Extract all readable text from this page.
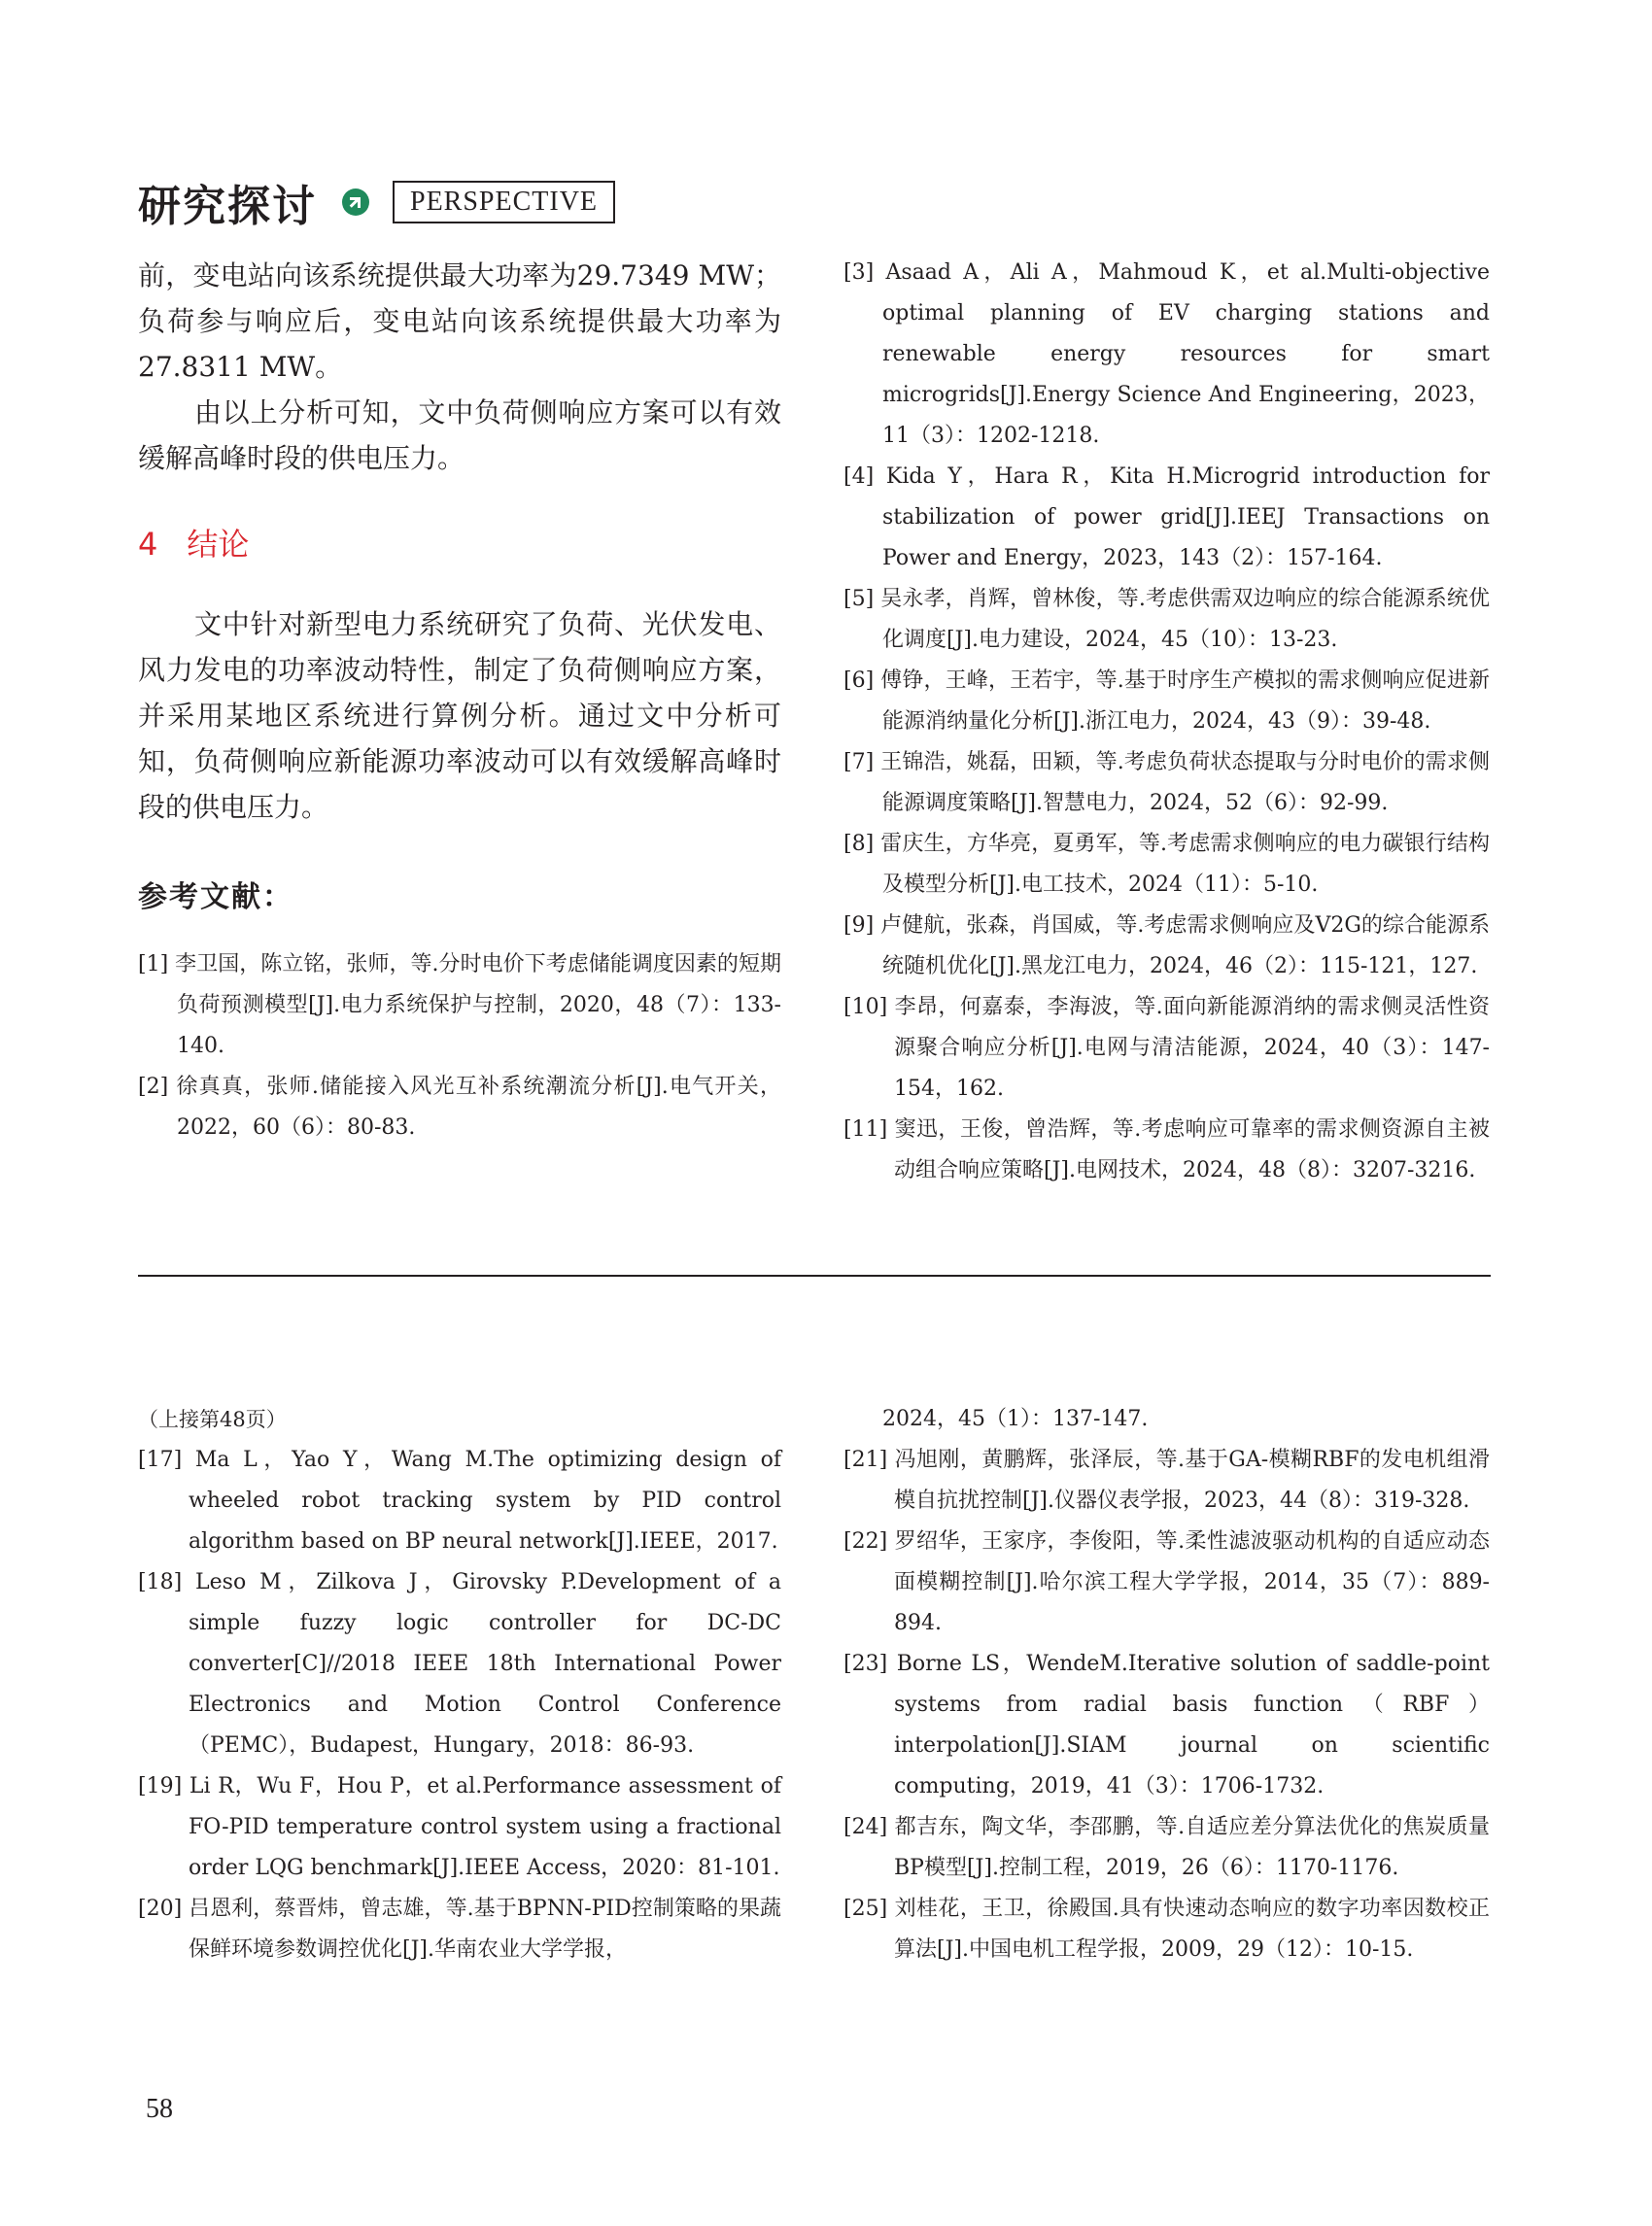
研究探讨	PERSPECTIVE

前，变电站向该系统提供最大功率为29.7349 MW；负荷参与响应后，变电站向该系统提供最大功率为27.8311 MW。

由以上分析可知，文中负荷侧响应方案可以有效缓解高峰时段的供电压力。

4 结论

文中针对新型电力系统研究了负荷、光伏发电、风力发电的功率波动特性，制定了负荷侧响应方案，并采用某地区系统进行算例分析。通过文中分析可知，负荷侧响应新能源功率波动可以有效缓解高峰时段的供电压力。

参考文献：

[1] 李卫国，陈立铭，张师，等.分时电价下考虑储能调度因素的短期负荷预测模型[J].电力系统保护与控制，2020，48（7）：133-140.

[2] 徐真真，张师.储能接入风光互补系统潮流分析[J].电气开关，2022，60（6）：80-83.

[3] Asaad A，Ali A，Mahmoud K，et al.Multi-objective optimal planning of EV charging stations and renewable energy resources for smart microgrids[J].Energy Science And Engineering，2023，11（3）：1202-1218.

[4] Kida Y，Hara R，Kita H.Microgrid introduction for stabilization of power grid[J].IEEJ Transactions on Power and Energy，2023，143（2）：157-164.

[5] 吴永孝，肖辉，曾林俊，等.考虑供需双边响应的综合能源系统优化调度[J].电力建设，2024，45（10）：13-23.

[6] 傅铮，王峰，王若宇，等.基于时序生产模拟的需求侧响应促进新能源消纳量化分析[J].浙江电力，2024，43（9）：39-48.

[7] 王锦浩，姚磊，田颖，等.考虑负荷状态提取与分时电价的需求侧能源调度策略[J].智慧电力，2024，52（6）：92-99.

[8] 雷庆生，方华亮，夏勇军，等.考虑需求侧响应的电力碳银行结构及模型分析[J].电工技术，2024（11）：5-10.

[9] 卢健航，张森，肖国威，等.考虑需求侧响应及V2G的综合能源系统随机优化[J].黑龙江电力，2024，46（2）：115-121，127.

[10] 李昂，何嘉泰，李海波，等.面向新能源消纳的需求侧灵活性资源聚合响应分析[J].电网与清洁能源，2024，40（3）：147-154，162.

[11] 窦迅，王俊，曾浩辉，等.考虑响应可靠率的需求侧资源自主被动组合响应策略[J].电网技术，2024，48（8）：3207-3216.

（上接第48页）

[17] Ma L，Yao Y，Wang M.The optimizing design of wheeled robot tracking system by PID control algorithm based on BP neural network[J].IEEE，2017.

[18] Leso M，Zilkova J，Girovsky P.Development of a simple fuzzy logic controller for DC-DC converter[C]//2018 IEEE 18th International Power Electronics and Motion Control Conference（PEMC），Budapest，Hungary，2018：86-93.

[19] Li R，Wu F，Hou P，et al.Performance assessment of FO-PID temperature control system using a fractional order LQG benchmark[J].IEEE Access，2020：81-101.

[20] 吕恩利，蔡晋炜，曾志雄，等.基于BPNN-PID控制策略的果蔬保鲜环境参数调控优化[J].华南农业大学学报，

2024，45（1）：137-147.

[21] 冯旭刚，黄鹏辉，张泽辰，等.基于GA-模糊RBF的发电机组滑模自抗扰控制[J].仪器仪表学报，2023，44（8）：319-328.

[22] 罗绍华，王家序，李俊阳，等.柔性滤波驱动机构的自适应动态面模糊控制[J].哈尔滨工程大学学报，2014，35（7）：889-894.

[23] Borne LS，WendeM.Iterative solution of saddle-point systems from radial basis function（RBF）interpolation[J].SIAM journal on scientific computing，2019，41（3）：1706-1732.

[24] 都吉东，陶文华，李邵鹏，等.自适应差分算法优化的焦炭质量BP模型[J].控制工程，2019，26（6）：1170-1176.

[25] 刘桂花，王卫，徐殿国.具有快速动态响应的数字功率因数校正算法[J].中国电机工程学报，2009，29（12）：10-15.

58
